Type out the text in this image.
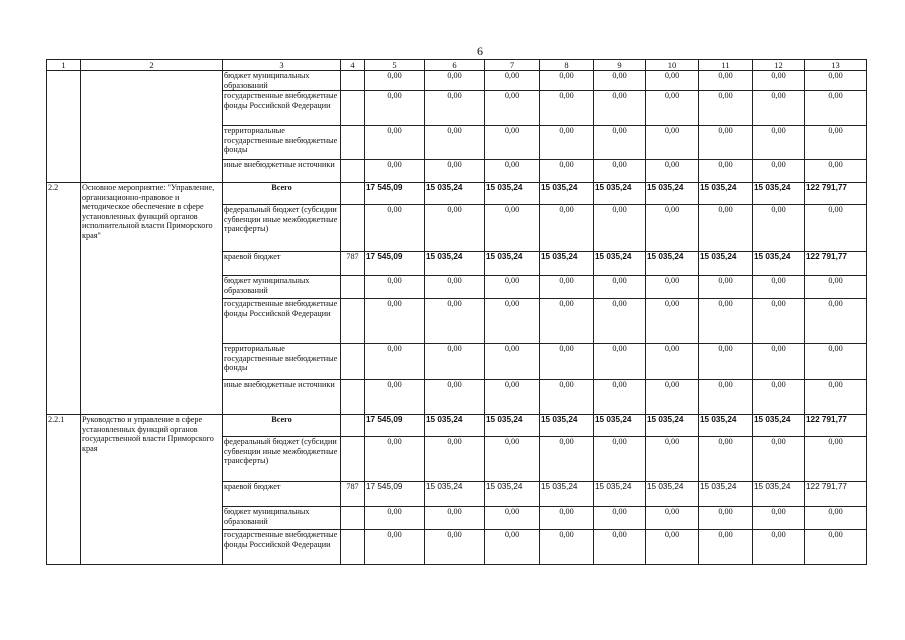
6
1	2	3	4	5	6	7	8	9	10	11	12	13
		бюджет муниципальных образований		0,00	0,00	0,00	0,00	0,00	0,00	0,00	0,00	0,00
		государственные внебюджетные фонды Российской Федерации		0,00	0,00	0,00	0,00	0,00	0,00	0,00	0,00	0,00
		территориальные государственные внебюджетные фонды		0,00	0,00	0,00	0,00	0,00	0,00	0,00	0,00	0,00
		иные внебюджетные источники		0,00	0,00	0,00	0,00	0,00	0,00	0,00	0,00	0,00
2.2	Основное мероприятие: "Управление, организационно-правовое и методическое обеспечение в сфере установленных функций органов исполнительной власти Приморского края"	Всего		17 545,09	15 035,24	15 035,24	15 035,24	15 035,24	15 035,24	15 035,24	15 035,24	122 791,77
		федеральный бюджет (субсидии субвенции иные межбюджетные трансферты)		0,00	0,00	0,00	0,00	0,00	0,00	0,00	0,00	0,00
		краевой бюджет	787	17 545,09	15 035,24	15 035,24	15 035,24	15 035,24	15 035,24	15 035,24	15 035,24	122 791,77
		бюджет муниципальных образований		0,00	0,00	0,00	0,00	0,00	0,00	0,00	0,00	0,00
		государственные внебюджетные фонды Российской Федерации		0,00	0,00	0,00	0,00	0,00	0,00	0,00	0,00	0,00
		территориальные государственные внебюджетные фонды		0,00	0,00	0,00	0,00	0,00	0,00	0,00	0,00	0,00
		иные внебюджетные источники		0,00	0,00	0,00	0,00	0,00	0,00	0,00	0,00	0,00
2.2.1	Руководство и управление в сфере установленных функций органов государственной власти Приморского края	Всего		17 545,09	15 035,24	15 035,24	15 035,24	15 035,24	15 035,24	15 035,24	15 035,24	122 791,77
		федеральный бюджет (субсидии субвенции иные межбюджетные трансферты)		0,00	0,00	0,00	0,00	0,00	0,00	0,00	0,00	0,00
		краевой бюджет	787	17 545,09	15 035,24	15 035,24	15 035,24	15 035,24	15 035,24	15 035,24	15 035,24	122 791,77
		бюджет муниципальных образований		0,00	0,00	0,00	0,00	0,00	0,00	0,00	0,00	0,00
		государственные внебюджетные фонды Российской Федерации		0,00	0,00	0,00	0,00	0,00	0,00	0,00	0,00	0,00
